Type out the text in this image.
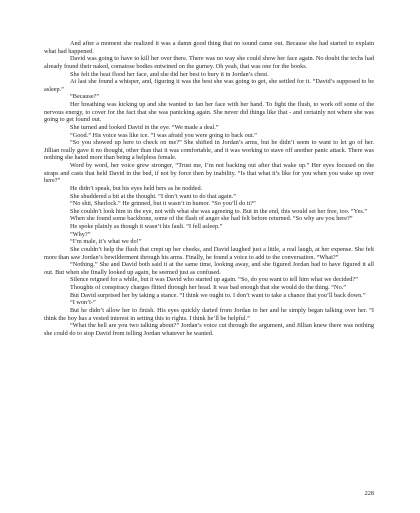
And after a moment she realized it was a damn good thing that no sound came out. Because she had started to explain what had happened.

David was going to have to kill her over there. There was no way she could show her face again. No doubt the techs had already found their naked, comatose bodies entwined on the gurney. Oh yeah, that was one for the books.

She felt the heat flood her face, and she did her best to bury it in Jordan’s chest.

At last she found a whisper, and, figuring it was the best she was going to get, she settled for it. “David’s supposed to be asleep.”

“Because?”

Her breathing was kicking up and she wanted to fan her face with her hand. To fight the flush, to work off some of the nervous energy, to cover for the fact that she was panicking again. She never did things like that - and certainly not where she was going to get found out.

She turned and looked David in the eye. “We made a deal.”

“Good.” His voice was like ice. “I was afraid you were going to back out.”

“So you showed up here to check on me?” She shifted in Jordan’s arms, but he didn’t seem to want to let go of her. Jillian really gave it no thought, other than that it was comfortable, and it was working to stave off another panic attack. There was nothing she hated more than being a helpless female.

Word by word, her voice grew stronger, “Trust me, I’m not backing out after that wake up.” Her eyes focused on the straps and casts that held David in the bed, if not by force then by inability. “Is that what it’s like for you when you wake up over here?”

He didn’t speak, but his eyes held hers as he nodded.

She shuddered a bit at the thought. “I don’t want to do that again.”

“No shit, Sherlock.” He grinned, but it wasn’t in humor. “So you’ll do it?”

She couldn’t look him in the eye, not with what she was agreeing to. But in the end, this would set her free, too. “Yes.”

When she found some backbone, some of the flash of anger she had felt before returned. “So why are you here?”

He spoke plainly as though it wasn’t his fault. “I fell asleep.”

“Why?”

“I’m male, it’s what we do!”

She couldn’t help the flush that crept up her cheeks, and David laughed just a little, a real laugh, at her expense. She felt more than saw Jordan’s bewilderment through his arms. Finally, he found a voice to add to the conversation. “What?”

“Nothing.” She and David both said it at the same time, looking away, and she figured Jordan had to have figured it all out. But when she finally looked up again, he seemed just as confused.

Silence reigned for a while, but it was David who started up again. “So, do you want to tell him what we decided?”

Thoughts of conspiracy charges flitted through her head. It was bad enough that she would do the thing. “No.”

But David surprised her by taking a stance. “I think we ought to. I don’t want to take a chance that you’ll back down.”

“I won’t-”

But he didn’t allow her to finish. His eyes quickly darted from Jordan to her and he simply began talking over her. “I think the boy has a vested interest in setting this to rights. I think he’ll be helpful.”

“What the hell are you two talking about?” Jordan’s voice cut through the argument, and Jillian knew there was nothing she could do to stop David from telling Jordan whatever he wanted.

228
